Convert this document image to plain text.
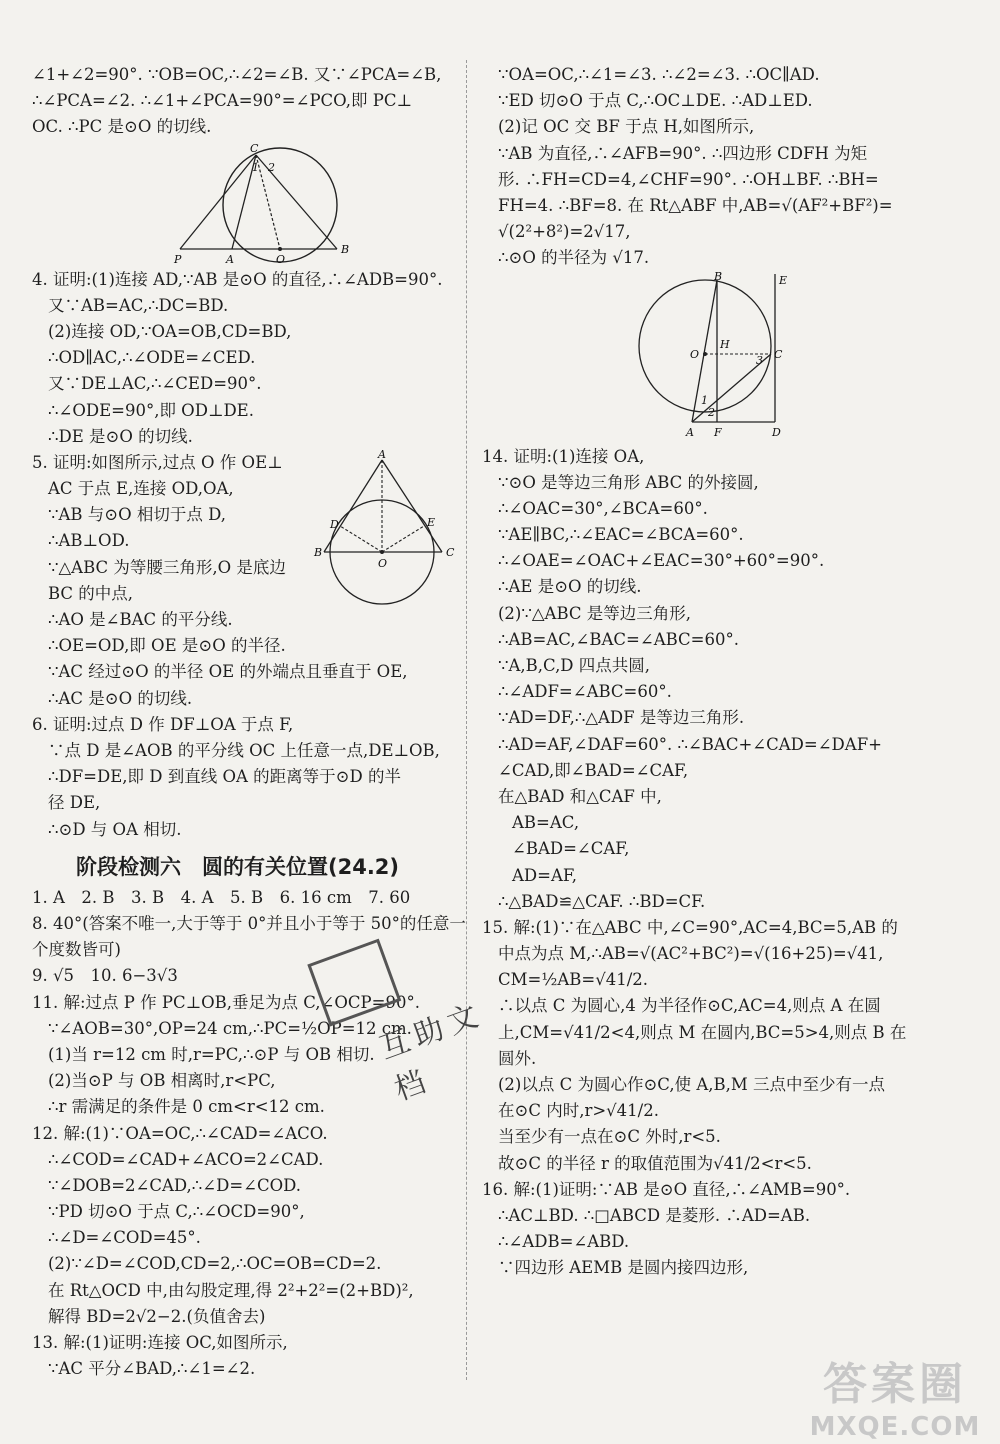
∠1+∠2=90°. ∵OB=OC,∴∠2=∠B. 又∵∠PCA=∠B,
∴∠PCA=∠2. ∴∠1+∠PCA=90°=∠PCO,即 PC⊥
OC. ∴PC 是⊙O 的切线.
C
1 2
P	A	O
B
4. 证明:(1)连接 AD,∵AB 是⊙O 的直径,∴∠ADB=90°.
又∵AB=AC,∴DC=BD.
(2)连接 OD,∵OA=OB,CD=BD,
∴OD∥AC,∴∠ODE=∠CED.
又∵DE⊥AC,∴∠CED=90°.
∴∠ODE=90°,即 OD⊥DE.
∴DE 是⊙O 的切线.
5. 证明:如图所示,过点 O 作 OE⊥
AC 于点 E,连接 OD,OA,
∵AB 与⊙O 相切于点 D,
∴AB⊥OD.
∵△ABC 为等腰三角形,O 是底边
BC 的中点,
∴AO 是∠BAC 的平分线.
∴OE=OD,即 OE 是⊙O 的半径.
∵AC 经过⊙O 的半径 OE 的外端点且垂直于 OE,
∴AC 是⊙O 的切线.
A
D	E
B
O
C
6. 证明:过点 D 作 DF⊥OA 于点 F,
∵点 D 是∠AOB 的平分线 OC 上任意一点,DE⊥OB,
∴DF=DE,即 D 到直线 OA 的距离等于⊙D 的半
径 DE,
∴⊙D 与 OA 相切.
阶段检测六　圆的有关位置(24.2)
1. A　2. B　3. B　4. A　5. B　6. 16 cm　7. 60
8. 40°(答案不唯一,大于等于 0°并且小于等于 50°的任意一
个度数皆可)
9. √5　10. 6−3√3
11. 解:过点 P 作 PC⊥OB,垂足为点 C,∠OCP=90°.
∵∠AOB=30°,OP=24 cm,∴PC=½OP=12 cm.
(1)当 r=12 cm 时,r=PC,∴⊙P 与 OB 相切.
(2)当⊙P 与 OB 相离时,r<PC,
∴r 需满足的条件是 0 cm<r<12 cm.
12. 解:(1)∵OA=OC,∴∠CAD=∠ACO.
∴∠COD=∠CAD+∠ACO=2∠CAD.
∵∠DOB=2∠CAD,∴∠D=∠COD.
∵PD 切⊙O 于点 C,∴∠OCD=90°,
∴∠D=∠COD=45°.
(2)∵∠D=∠COD,CD=2,∴OC=OB=CD=2.
在 Rt△OCD 中,由勾股定理,得 2²+2²=(2+BD)²,
解得 BD=2√2−2.(负值舍去)
13. 解:(1)证明:连接 OC,如图所示,
∵AC 平分∠BAD,∴∠1=∠2.
∵OA=OC,∴∠1=∠3. ∴∠2=∠3. ∴OC∥AD.
∵ED 切⊙O 于点 C,∴OC⊥DE. ∴AD⊥ED.
(2)记 OC 交 BF 于点 H,如图所示,
∵AB 为直径,∴∠AFB=90°. ∴四边形 CDFH 为矩
形. ∴FH=CD=4,∠CHF=90°. ∴OH⊥BF. ∴BH=
FH=4. ∴BF=8. 在 Rt△ABF 中,AB=√(AF²+BF²)=
√(2²+8²)=2√17,
∴⊙O 的半径为 √17.
B	E
O
H
C
3
1
2
A F	D
14. 证明:(1)连接 OA,
∵⊙O 是等边三角形 ABC 的外接圆,
∴∠OAC=30°,∠BCA=60°.
∵AE∥BC,∴∠EAC=∠BCA=60°.
∴∠OAE=∠OAC+∠EAC=30°+60°=90°.
∴AE 是⊙O 的切线.
(2)∵△ABC 是等边三角形,
∴AB=AC,∠BAC=∠ABC=60°.
∵A,B,C,D 四点共圆,
∴∠ADF=∠ABC=60°.
∵AD=DF,∴△ADF 是等边三角形.
∴AD=AF,∠DAF=60°. ∴∠BAC+∠CAD=∠DAF+
∠CAD,即∠BAD=∠CAF,
在△BAD 和△CAF 中,
AB=AC,
∠BAD=∠CAF,
AD=AF,
∴△BAD≌△CAF. ∴BD=CF.
15. 解:(1)∵在△ABC 中,∠C=90°,AC=4,BC=5,AB 的
中点为点 M,∴AB=√(AC²+BC²)=√(16+25)=√41,
CM=½AB=√41/2.
∴以点 C 为圆心,4 为半径作⊙C,AC=4,则点 A 在圆
上,CM=√41/2<4,则点 M 在圆内,BC=5>4,则点 B 在
圆外.
(2)以点 C 为圆心作⊙C,使 A,B,M 三点中至少有一点
在⊙C 内时,r>√41/2.
当至少有一点在⊙C 外时,r<5.
故⊙C 的半径 r 的取值范围为√41/2<r<5.
16. 解:(1)证明:∵AB 是⊙O 直径,∴∠AMB=90°.
∴AC⊥BD. ∴□ABCD 是菱形. ∴AD=AB.
∴∠ADB=∠ABD.
∵四边形 AEMB 是圆内接四边形,
互助文档
答案圈
MXQE.COM
